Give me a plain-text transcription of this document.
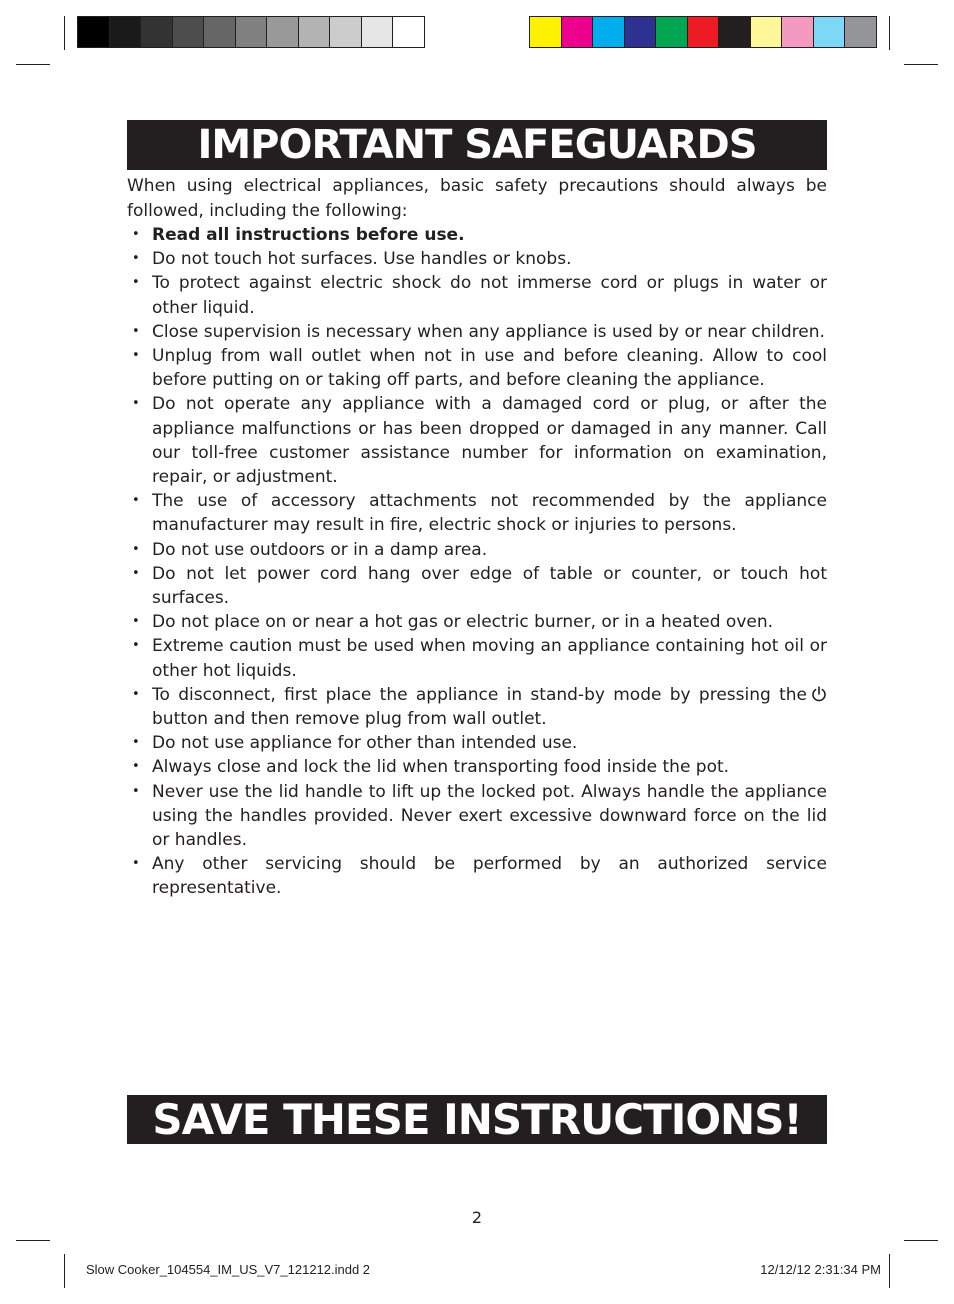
IMPORTANT SAFEGUARDS

When using electrical appliances, basic safety precautions should always be followed, including the following:

• Read all instructions before use.
• Do not touch hot surfaces. Use handles or knobs.
• To protect against electric shock do not immerse cord or plugs in water or other liquid.
• Close supervision is necessary when any appliance is used by or near children.
• Unplug from wall outlet when not in use and before cleaning. Allow to cool before putting on or taking off parts, and before cleaning the appliance.
• Do not operate any appliance with a damaged cord or plug, or after the appliance malfunctions or has been dropped or damaged in any manner. Call our toll-free customer assistance number for information on examination, repair, or adjustment.
• The use of accessory attachments not recommended by the appliance manufacturer may result in fire, electric shock or injuries to persons.
• Do not use outdoors or in a damp area.
• Do not let power cord hang over edge of table or counter, or touch hot surfaces.
• Do not place on or near a hot gas or electric burner, or in a heated oven.
• Extreme caution must be used when moving an appliance containing hot oil or other hot liquids.
• To disconnect, first place the appliance in stand-by mode by pressing the button and then remove plug from wall outlet.
• Do not use appliance for other than intended use.
• Always close and lock the lid when transporting food inside the pot.
• Never use the lid handle to lift up the locked pot. Always handle the appliance using the handles provided. Never exert excessive downward force on the lid or handles.
• Any other servicing should be performed by an authorized service representative.
SAVE THESE INSTRUCTIONS!
2
Slow Cooker_104554_IM_US_V7_121212.indd 2	12/12/12 2:31:34 PM
